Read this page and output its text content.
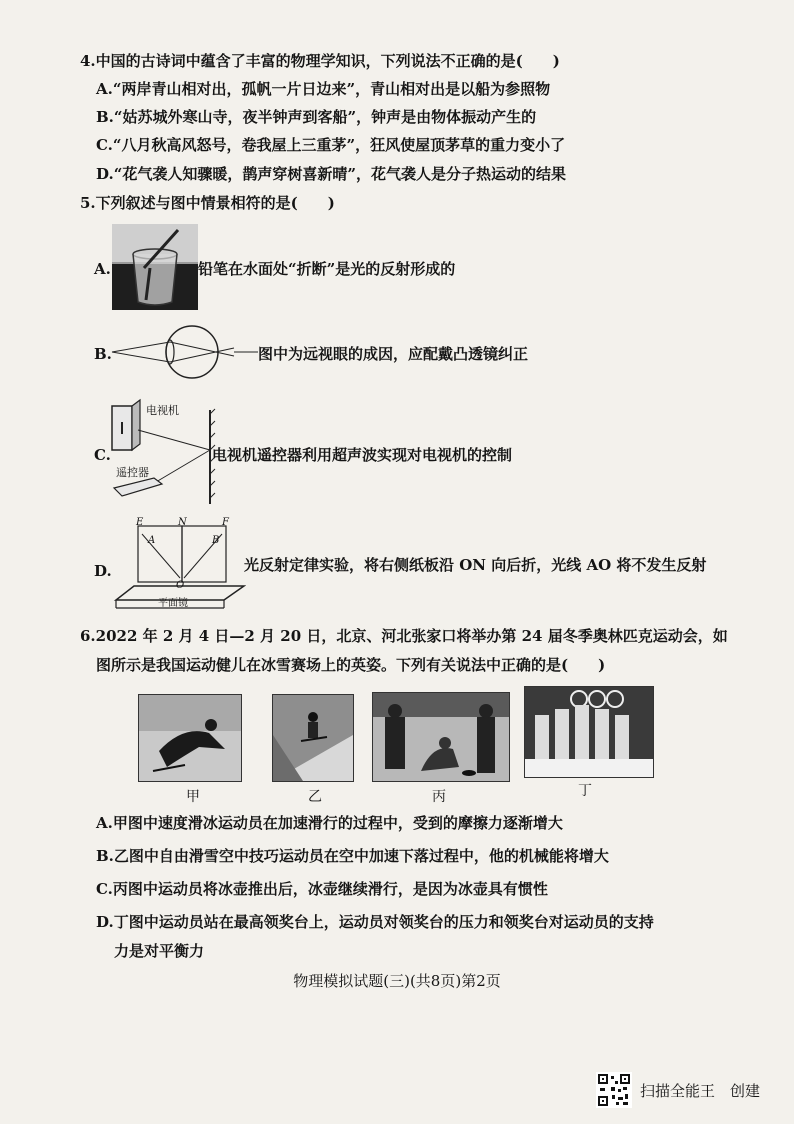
4.中国的古诗词中蕴含了丰富的物理学知识，下列说法不正确的是(　　)
A.“两岸青山相对出，孤帆一片日边来”，青山相对出是以船为参照物
B.“姑苏城外寒山寺，夜半钟声到客船”，钟声是由物体振动产生的
C.“八月秋高风怒号，卷我屋上三重茅”，狂风使屋顶茅草的重力变小了
D.“花气袭人知骤暖，鹊声穿树喜新晴”，花气袭人是分子热运动的结果
5.下列叙述与图中情景相符的是(　　)
A.	铅笔在水面处“折断”是光的反射形成的
B.	图中为远视眼的成因，应配戴凸透镜纠正
C.
电视机
遥控器
电视机遥控器利用超声波实现对电视机的控制
D.
E	N	F
A	B
O
平面镜
光反射定律实验，将右侧纸板沿 ON 向后折，光线 AO 将不发生反射
6.2022 年 2 月 4 日—2 月 20 日，北京、河北张家口将举办第 24 届冬季奥林匹克运动会，如
图所示是我国运动健儿在冰雪赛场上的英姿。下列有关说法中正确的是(　　)
甲	乙	丙	丁
A.甲图中速度滑冰运动员在加速滑行的过程中，受到的摩擦力逐渐增大
B.乙图中自由滑雪空中技巧运动员在空中加速下落过程中，他的机械能将增大
C.丙图中运动员将冰壶推出后，冰壶继续滑行，是因为冰壶具有惯性
D.丁图中运动员站在最高领奖台上，运动员对领奖台的压力和领奖台对运动员的支持
力是对平衡力
物理模拟试题(三)(共8页)第2页
扫描全能王　创建
